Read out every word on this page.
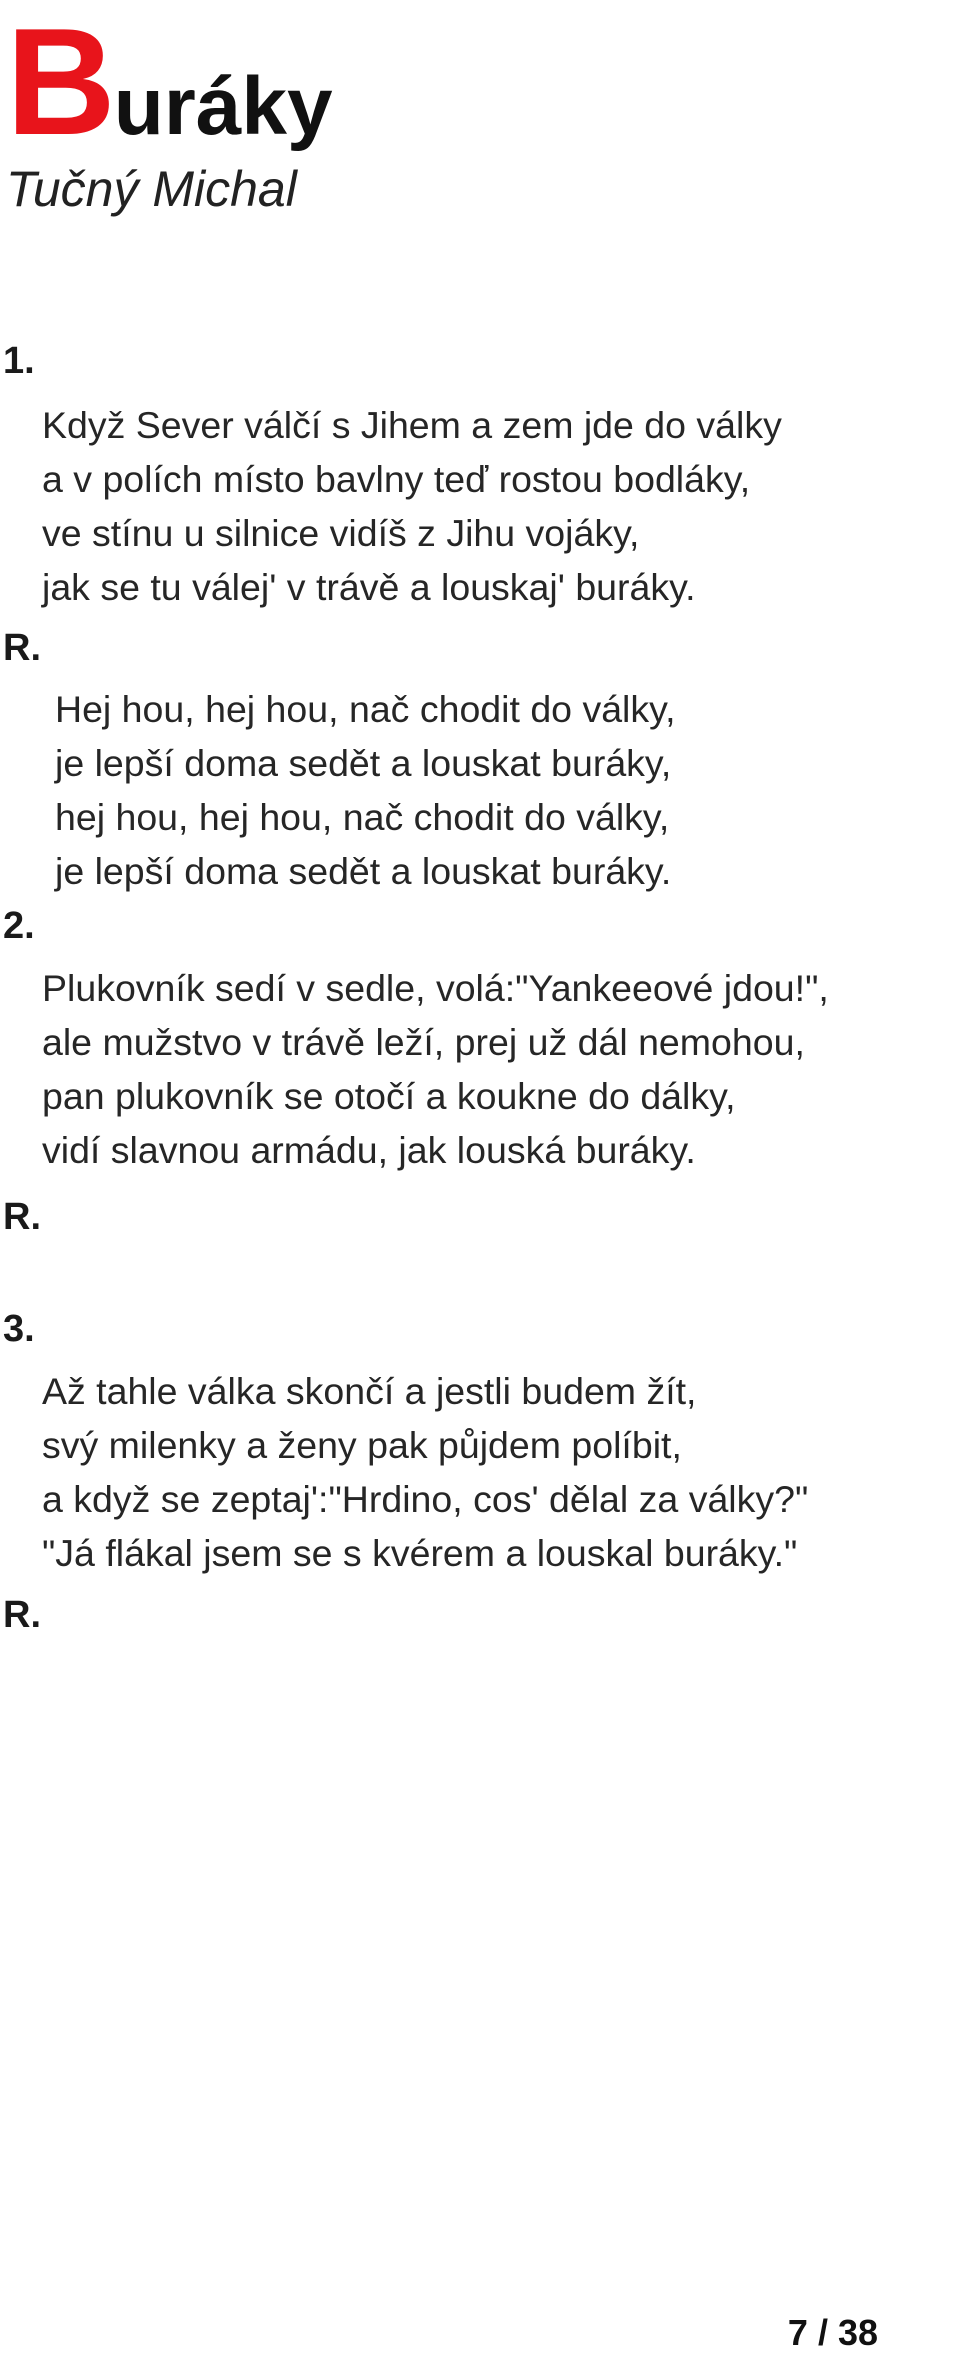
Buráky
Tučný Michal
1.
Když Sever válčí s Jihem a zem jde do války
a v polích místo bavlny teď rostou bodláky,
ve stínu u silnice vidíš z Jihu vojáky,
jak se tu válej' v trávě a louskaj' buráky.
R.
Hej hou, hej hou, nač chodit do války,
je lepší doma sedět a louskat buráky,
hej hou, hej hou, nač chodit do války,
je lepší doma sedět a louskat buráky.
2.
Plukovník sedí v sedle, volá:"Yankeeové jdou!",
ale mužstvo v trávě leží, prej už dál nemohou,
pan plukovník se otočí a koukne do dálky,
vidí slavnou armádu, jak louská buráky.
R.
3.
Až tahle válka skončí a jestli budem žít,
svý milenky a ženy pak půjdem políbit,
a když se zeptaj':"Hrdino, cos' dělal za války?"
"Já flákal jsem se s kvérem a louskal buráky."
R.
7 / 38
